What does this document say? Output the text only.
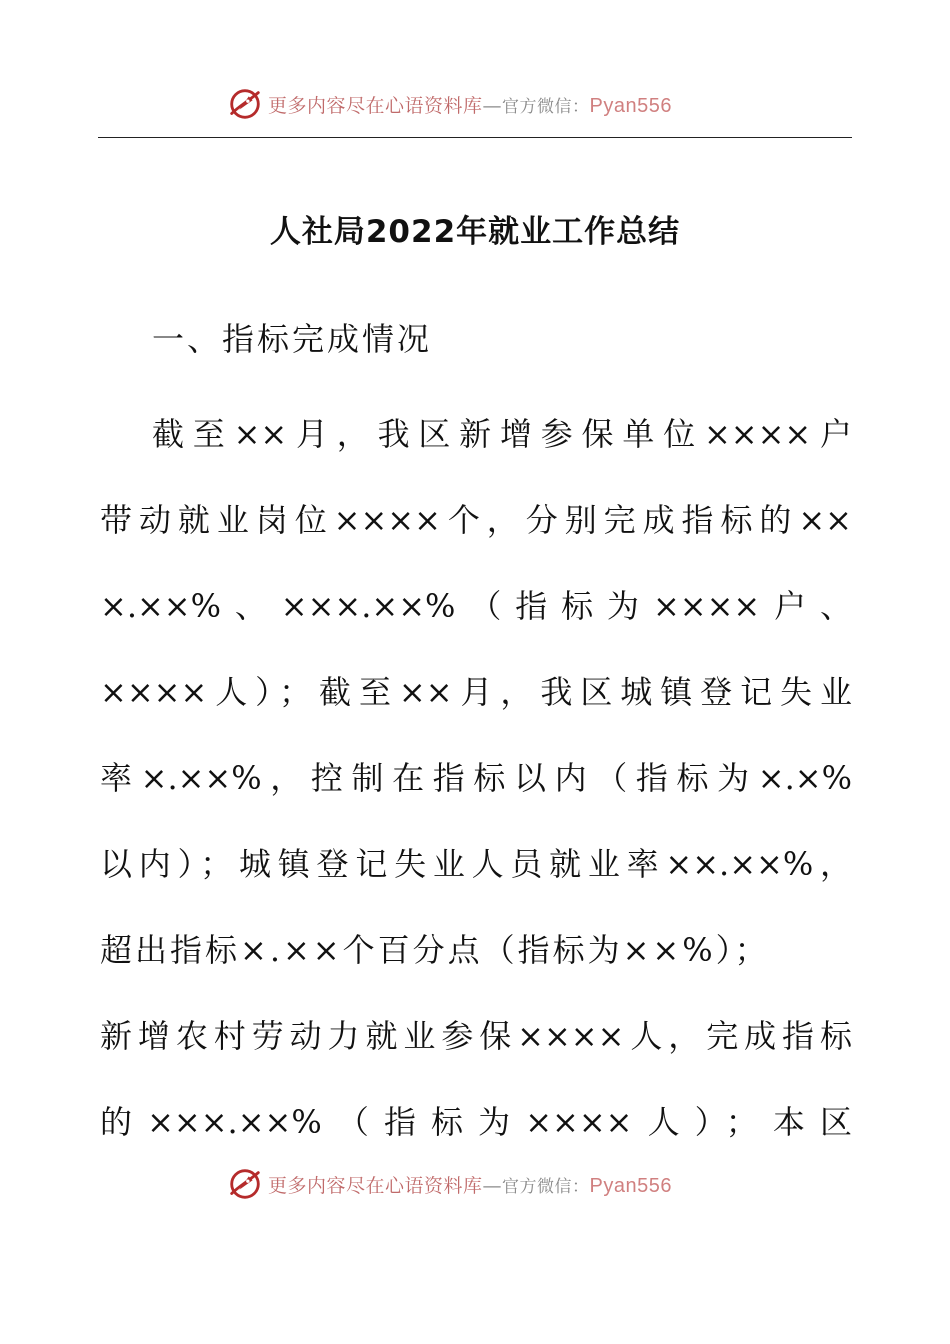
更多内容尽在心语资料库—官方微信：Pyan556
人社局2022年就业工作总结
一、指标完成情况
截至××月，我区新增参保单位××××户
带动就业岗位××××个，分别完成指标的××
×.××%、×××.××%（指标为××××户、
××××人）；截至××月，我区城镇登记失业
率×.××%，控制在指标以内（指标为×.×%
以内）；城镇登记失业人员就业率××.××%，
超出指标×.××个百分点（指标为××%）；
新增农村劳动力就业参保××××人，完成指标
的×××.××%（指标为××××人）；本区
更多内容尽在心语资料库—官方微信：Pyan556
